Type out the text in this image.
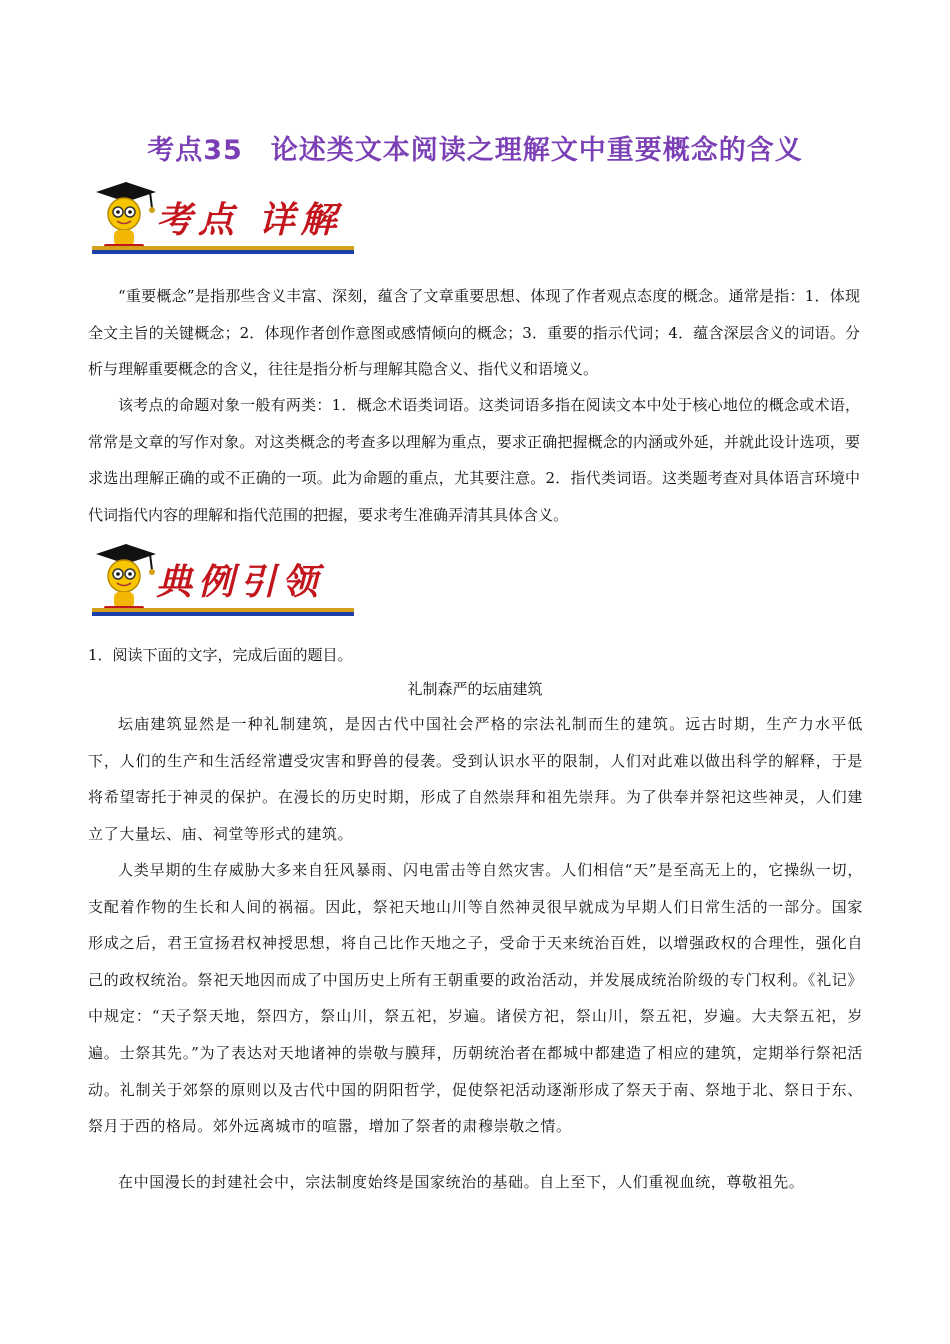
考点35　论述类文本阅读之理解文中重要概念的含义
考点 详解

“重要概念”是指那些含义丰富、深刻，蕴含了文章重要思想、体现了作者观点态度的概念。通常是指：1．体现全文主旨的关键概念；2．体现作者创作意图或感情倾向的概念；3．重要的指示代词；4．蕴含深层含义的词语。分析与理解重要概念的含义，往往是指分析与理解其隐含义、指代义和语境义。

该考点的命题对象一般有两类：1．概念术语类词语。这类词语多指在阅读文本中处于核心地位的概念或术语，常常是文章的写作对象。对这类概念的考查多以理解为重点，要求正确把握概念的内涵或外延，并就此设计选项，要求选出理解正确的或不正确的一项。此为命题的重点，尤其要注意。2．指代类词语。这类题考查对具体语言环境中代词指代内容的理解和指代范围的把握，要求考生准确弄清其具体含义。

典例引领

1．阅读下面的文字，完成后面的题目。

礼制森严的坛庙建筑

坛庙建筑显然是一种礼制建筑，是因古代中国社会严格的宗法礼制而生的建筑。远古时期，生产力水平低下，人们的生产和生活经常遭受灾害和野兽的侵袭。受到认识水平的限制，人们对此难以做出科学的解释，于是将希望寄托于神灵的保护。在漫长的历史时期，形成了自然崇拜和祖先崇拜。为了供奉并祭祀这些神灵，人们建立了大量坛、庙、祠堂等形式的建筑。

人类早期的生存威胁大多来自狂风暴雨、闪电雷击等自然灾害。人们相信“天”是至高无上的，它操纵一切，支配着作物的生长和人间的祸福。因此，祭祀天地山川等自然神灵很早就成为早期人们日常生活的一部分。国家形成之后，君王宣扬君权神授思想，将自己比作天地之子，受命于天来统治百姓，以增强政权的合理性，强化自己的政权统治。祭祀天地因而成了中国历史上所有王朝重要的政治活动，并发展成统治阶级的专门权利。《礼记》中规定：“天子祭天地，祭四方，祭山川，祭五祀，岁遍。诸侯方祀，祭山川，祭五祀，岁遍。大夫祭五祀，岁遍。士祭其先。”为了表达对天地诸神的崇敬与膜拜，历朝统治者在都城中都建造了相应的建筑，定期举行祭祀活动。礼制关于郊祭的原则以及古代中国的阴阳哲学，促使祭祀活动逐渐形成了祭天于南、祭地于北、祭日于东、祭月于西的格局。郊外远离城市的喧嚣，增加了祭者的肃穆崇敬之情。

在中国漫长的封建社会中，宗法制度始终是国家统治的基础。自上至下，人们重视血统，尊敬祖先。
